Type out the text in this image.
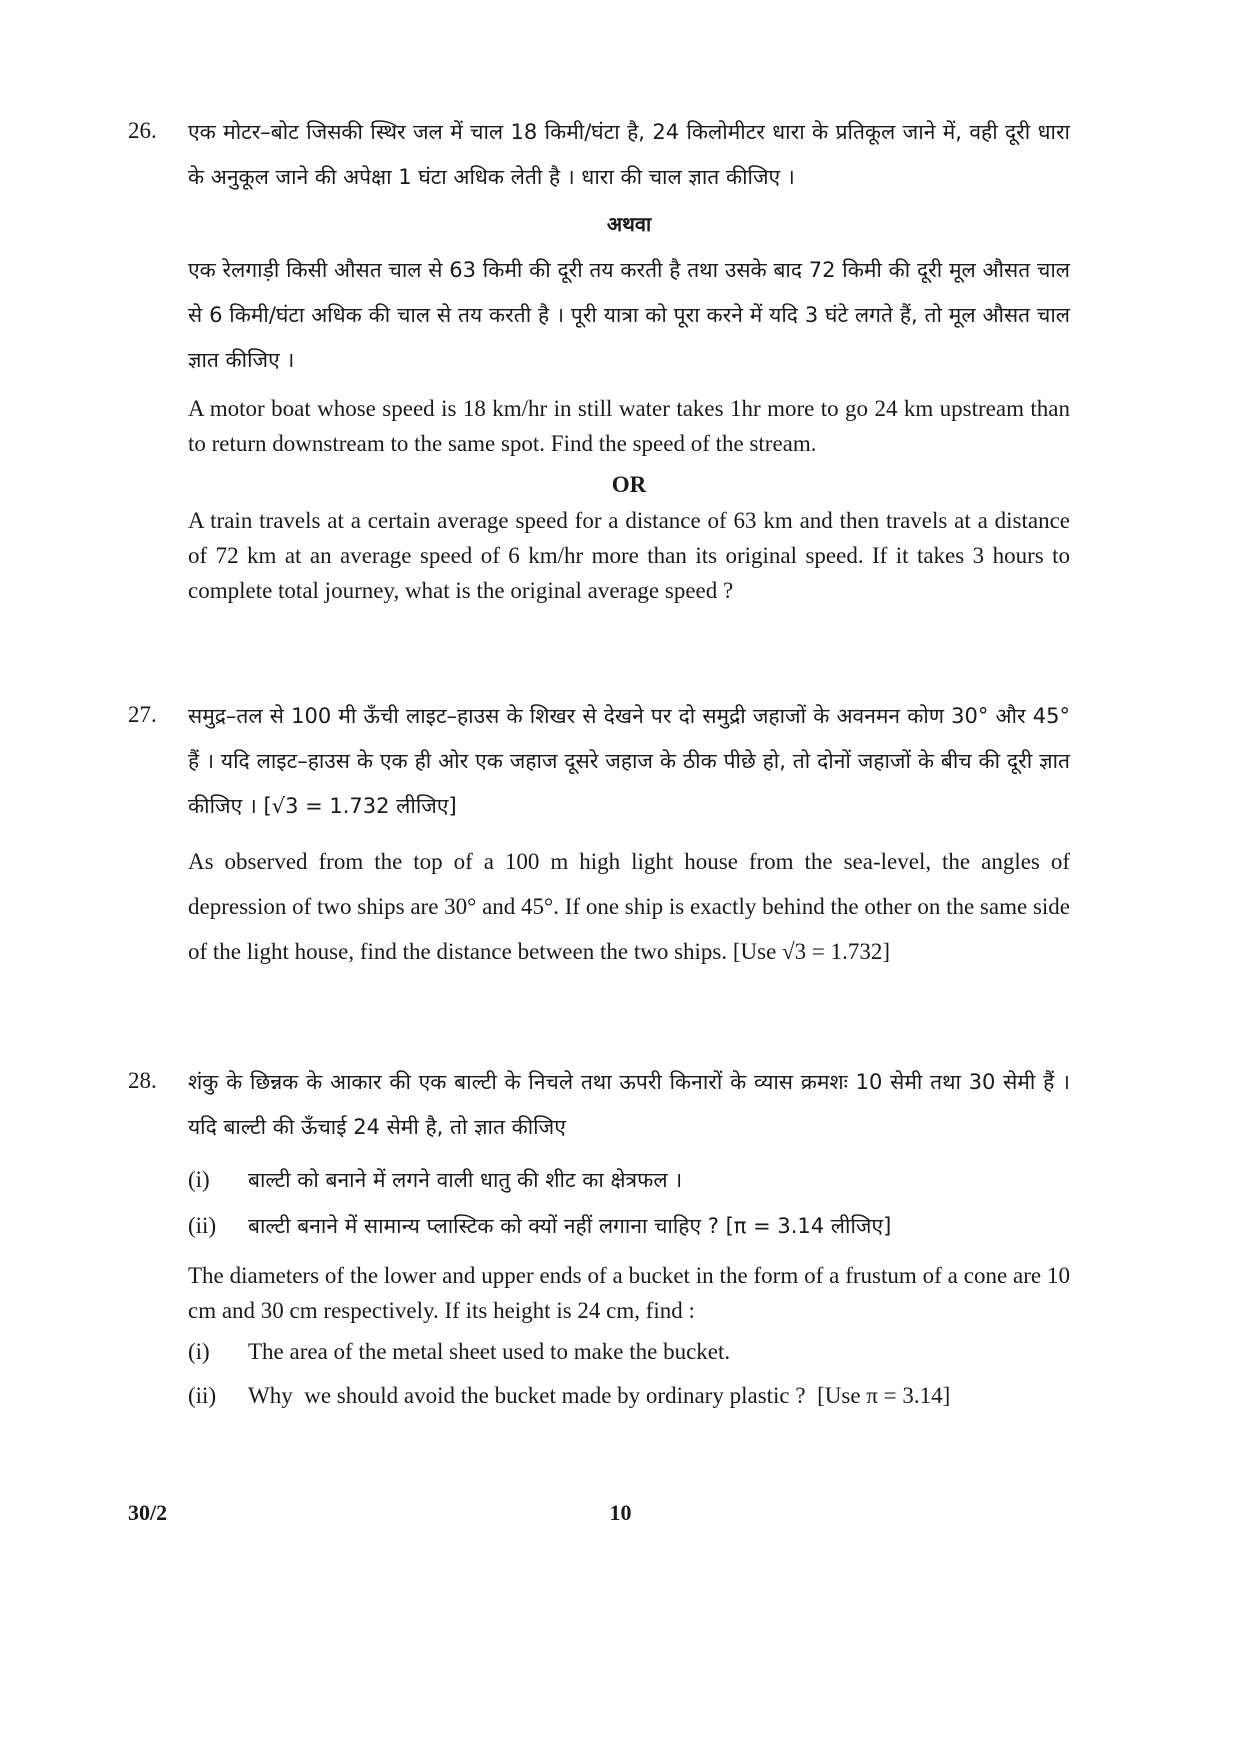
26. एक मोटर–बोट जिसकी स्थिर जल में चाल 18 किमी/घंटा है, 24 किलोमीटर धारा के प्रतिकूल जाने में, वही दूरी धारा के अनुकूल जाने की अपेक्षा 1 घंटा अधिक लेती है । धारा की चाल ज्ञात कीजिए ।

अथवा

एक रेलगाड़ी किसी औसत चाल से 63 किमी की दूरी तय करती है तथा उसके बाद 72 किमी की दूरी मूल औसत चाल से 6 किमी/घंटा अधिक की चाल से तय करती है । पूरी यात्रा को पूरा करने में यदि 3 घंटे लगते हैं, तो मूल औसत चाल ज्ञात कीजिए ।

A motor boat whose speed is 18 km/hr in still water takes 1hr more to go 24 km upstream than to return downstream to the same spot. Find the speed of the stream.

OR

A train travels at a certain average speed for a distance of 63 km and then travels at a distance of 72 km at an average speed of 6 km/hr more than its original speed. If it takes 3 hours to complete total journey, what is the original average speed ?

27. समुद्र–तल से 100 मी ऊँची लाइट–हाउस के शिखर से देखने पर दो समुद्री जहाजों के अवनमन कोण 30° और 45° हैं । यदि लाइट–हाउस के एक ही ओर एक जहाज दूसरे जहाज के ठीक पीछे हो, तो दोनों जहाजों के बीच की दूरी ज्ञात कीजिए । [√3 = 1.732 लीजिए]

As observed from the top of a 100 m high light house from the sea-level, the angles of depression of two ships are 30° and 45°. If one ship is exactly behind the other on the same side of the light house, find the distance between the two ships. [Use √3 = 1.732]

28. शंकु के छिन्नक के आकार की एक बाल्टी के निचले तथा ऊपरी किनारों के व्यास क्रमशः 10 सेमी तथा 30 सेमी हैं । यदि बाल्टी की ऊँचाई 24 सेमी है, तो ज्ञात कीजिए

(i)	बाल्टी को बनाने में लगने वाली धातु की शीट का क्षेत्रफल ।
(ii)	बाल्टी बनाने में सामान्य प्लास्टिक को क्यों नहीं लगाना चाहिए ? [π = 3.14 लीजिए]

The diameters of the lower and upper ends of a bucket in the form of a frustum of a cone are 10 cm and 30 cm respectively. If its height is 24 cm, find :

(i)	The area of the metal sheet used to make the bucket.
(ii)	Why  we should avoid the bucket made by ordinary plastic ?  [Use π = 3.14]
30/2	10
